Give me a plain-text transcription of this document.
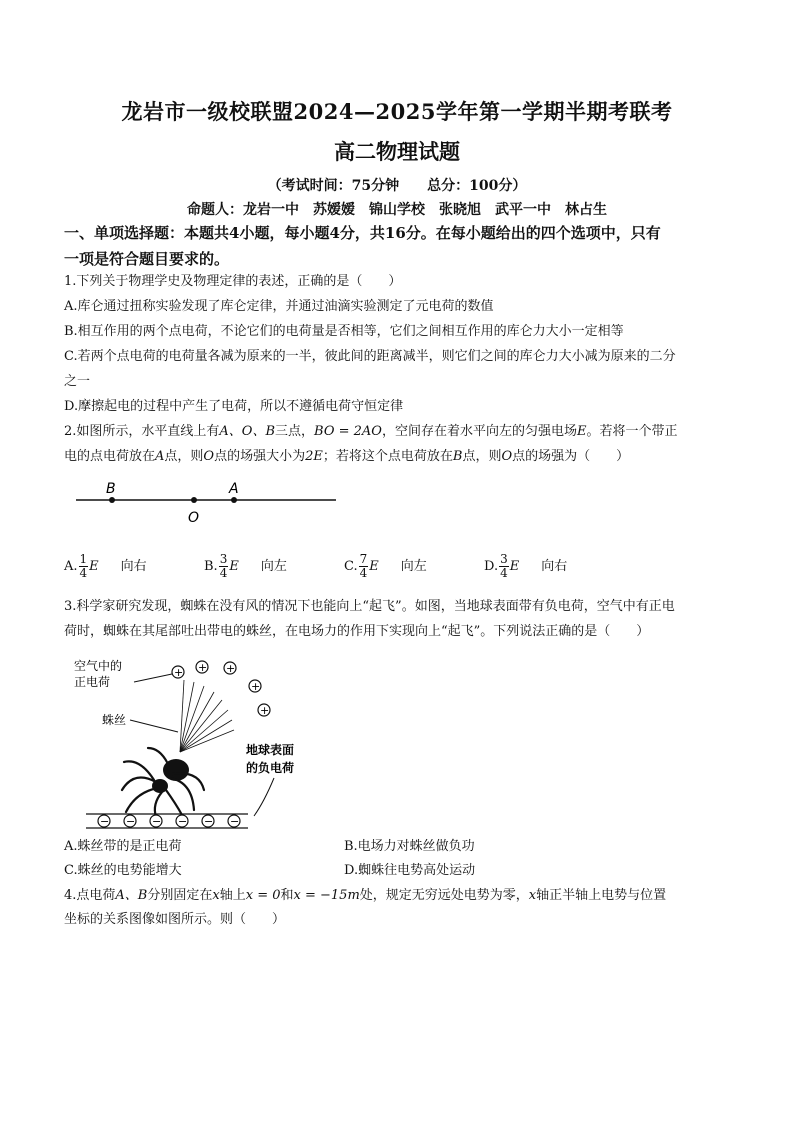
龙岩市一级校联盟2024—2025学年第一学期半期考联考
高二物理试题
（考试时间：75分钟　　总分：100分）
命题人：龙岩一中　苏嫒嫒　锦山学校　张晓旭　武平一中　林占生
一、单项选择题：本题共4小题，每小题4分，共16分。在每小题给出的四个选项中，只有
一项是符合题目要求的。
1.下列关于物理学史及物理定律的表述，正确的是（　　）
A.库仑通过扭称实验发现了库仑定律，并通过油滴实验测定了元电荷的数值
B.相互作用的两个点电荷，不论它们的电荷量是否相等，它们之间相互作用的库仑力大小一定相等
C.若两个点电荷的电荷量各减为原来的一半，彼此间的距离减半，则它们之间的库仑力大小减为原来的二分
之一
D.摩擦起电的过程中产生了电荷，所以不遵循电荷守恒定律
2.如图所示，水平直线上有A、O、B三点，BO = 2AO，空间存在着水平向左的匀强电场E。若将一个带正
电的点电荷放在A点，则O点的场强大小为2E；若将这个点电荷放在B点，则O点的场强为（　　）
B
O
A
A. $\frac{1}{4}$ E 向右	B. $\frac{3}{4}$ E 向左	C. $\frac{7}{4}$ E 向左	D. $\frac{3}{4}$ E 向右
3.科学家研究发现，蜘蛛在没有风的情况下也能向上“起飞”。如图，当地球表面带有负电荷，空气中有正电
荷时，蜘蛛在其尾部吐出带电的蛛丝，在电场力的作用下实现向上“起飞”。下列说法正确的是（　　）
空气中的
正电荷
+ + +
+
+
蛛丝
地球表面
的负电荷
− − − − − −
A.蛛丝带的是正电荷	B.电场力对蛛丝做负功
C.蛛丝的电势能增大	D.蜘蛛往电势高处运动
4.点电荷A、B分别固定在x轴上x = 0和x = −15m处，规定无穷远处电势为零，x轴正半轴上电势与位置
坐标的关系图像如图所示。则（　　）
